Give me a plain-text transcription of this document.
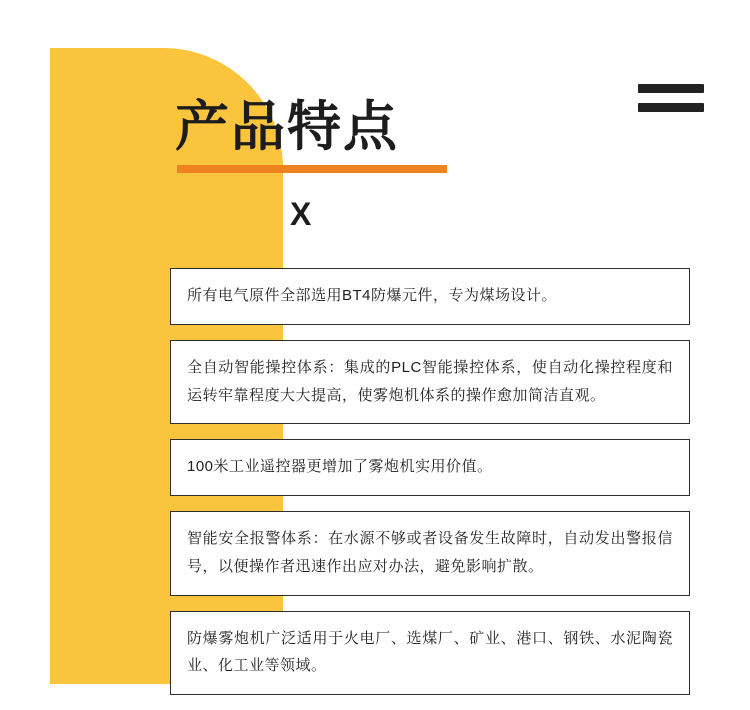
产品特点
X

所有电气原件全部选用BT4防爆元件，专为煤场设计。

全自动智能操控体系：集成的PLC智能操控体系，使自动化操控程度和运转牢靠程度大大提高，使雾炮机体系的操作愈加简洁直观。

100米工业遥控器更增加了雾炮机实用价值。

智能安全报警体系：在水源不够或者设备发生故障时，自动发出警报信号，以便操作者迅速作出应对办法，避免影响扩散。

防爆雾炮机广泛适用于火电厂、选煤厂、矿业、港口、钢铁、水泥陶瓷业、化工业等领域。
